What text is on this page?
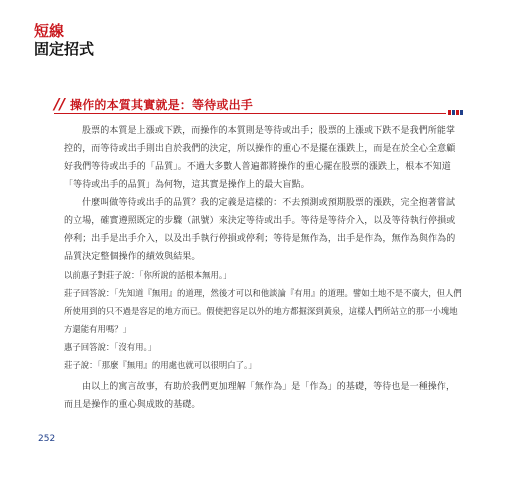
短線
固定招式
// 操作的本質其實就是：等待或出手

股票的本質是上漲或下跌，而操作的本質則是等待或出手；股票的上漲或下跌不是我們所能掌控的，而等待或出手則出自於我們的決定，所以操作的重心不是擺在漲跌上，而是在於全心全意顧好我們等待或出手的「品質」。不過大多數人普遍都將操作的重心擺在股票的漲跌上，根本不知道「等待或出手的品質」為何物，這其實是操作上的最大盲點。

什麼叫做等待或出手的品質？我的定義是這樣的：不去預測或預期股票的漲跌，完全抱著嘗試的立場，確實遵照既定的步驟（訊號）來決定等待或出手。等待是等待介入，以及等待執行停損或停利；出手是出手介入，以及出手執行停損或停利；等待是無作為，出手是作為，無作為與作為的品質決定整個操作的績效與結果。

以前惠子對莊子說：「你所說的話根本無用。」

莊子回答說：「先知道『無用』的道理，然後才可以和他談論『有用』的道理。譬如土地不是不廣大，但人們所使用到的只不過是容足的地方而已。假使把容足以外的地方都掘深到黃泉，這樣人們所站立的那一小塊地方還能有用嗎？」

惠子回答說：「沒有用。」

莊子說：「那麼『無用』的用處也就可以很明白了。」

由以上的寓言故事，有助於我們更加理解「無作為」是「作為」的基礎，等待也是一種操作，而且是操作的重心與成敗的基礎。

252
